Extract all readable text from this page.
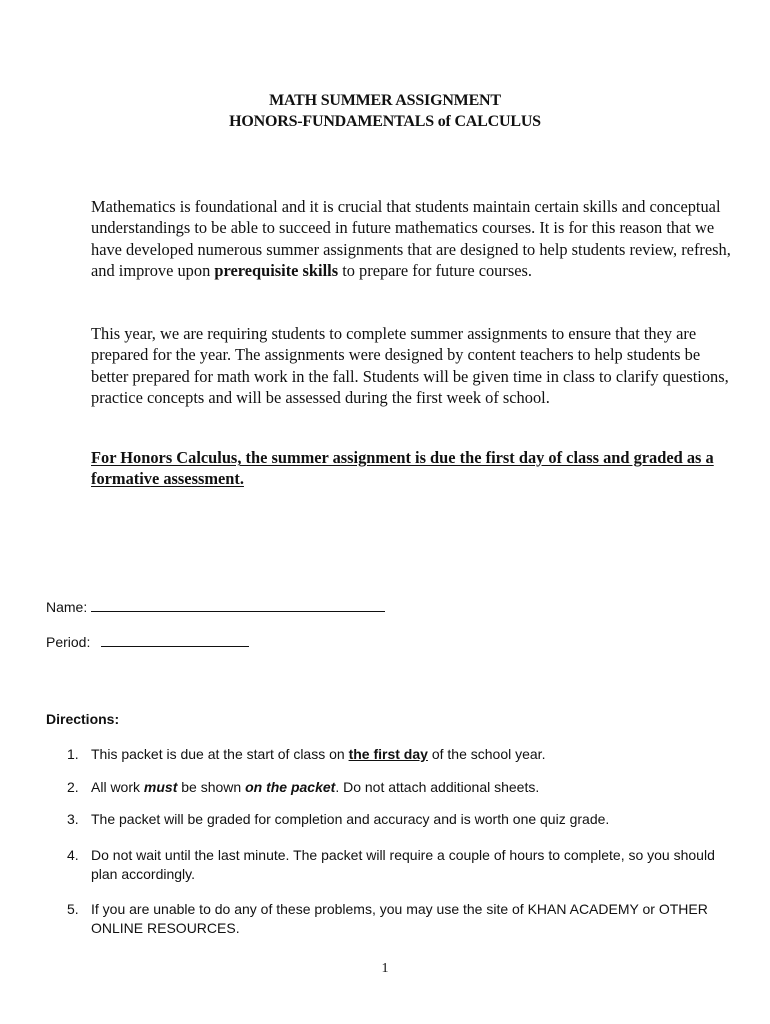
MATH SUMMER ASSIGNMENT
HONORS-FUNDAMENTALS of CALCULUS

Mathematics is foundational and it is crucial that students maintain certain skills and conceptual understandings to be able to succeed in future mathematics courses. It is for this reason that we have developed numerous summer assignments that are designed to help students review, refresh, and improve upon prerequisite skills to prepare for future courses.

This year, we are requiring students to complete summer assignments to ensure that they are prepared for the year. The assignments were designed by content teachers to help students be better prepared for math work in the fall. Students will be given time in class to clarify questions, practice concepts and will be assessed during the first week of school.

For Honors Calculus, the summer assignment is due the first day of class and graded as a formative assessment.

Name:
Period:
Directions:
1. This packet is due at the start of class on the first day of the school year.
2. All work must be shown on the packet. Do not attach additional sheets.
3. The packet will be graded for completion and accuracy and is worth one quiz grade.
4. Do not wait until the last minute. The packet will require a couple of hours to complete, so you should plan accordingly.
5. If you are unable to do any of these problems, you may use the site of KHAN ACADEMY or OTHER ONLINE RESOURCES.
1
